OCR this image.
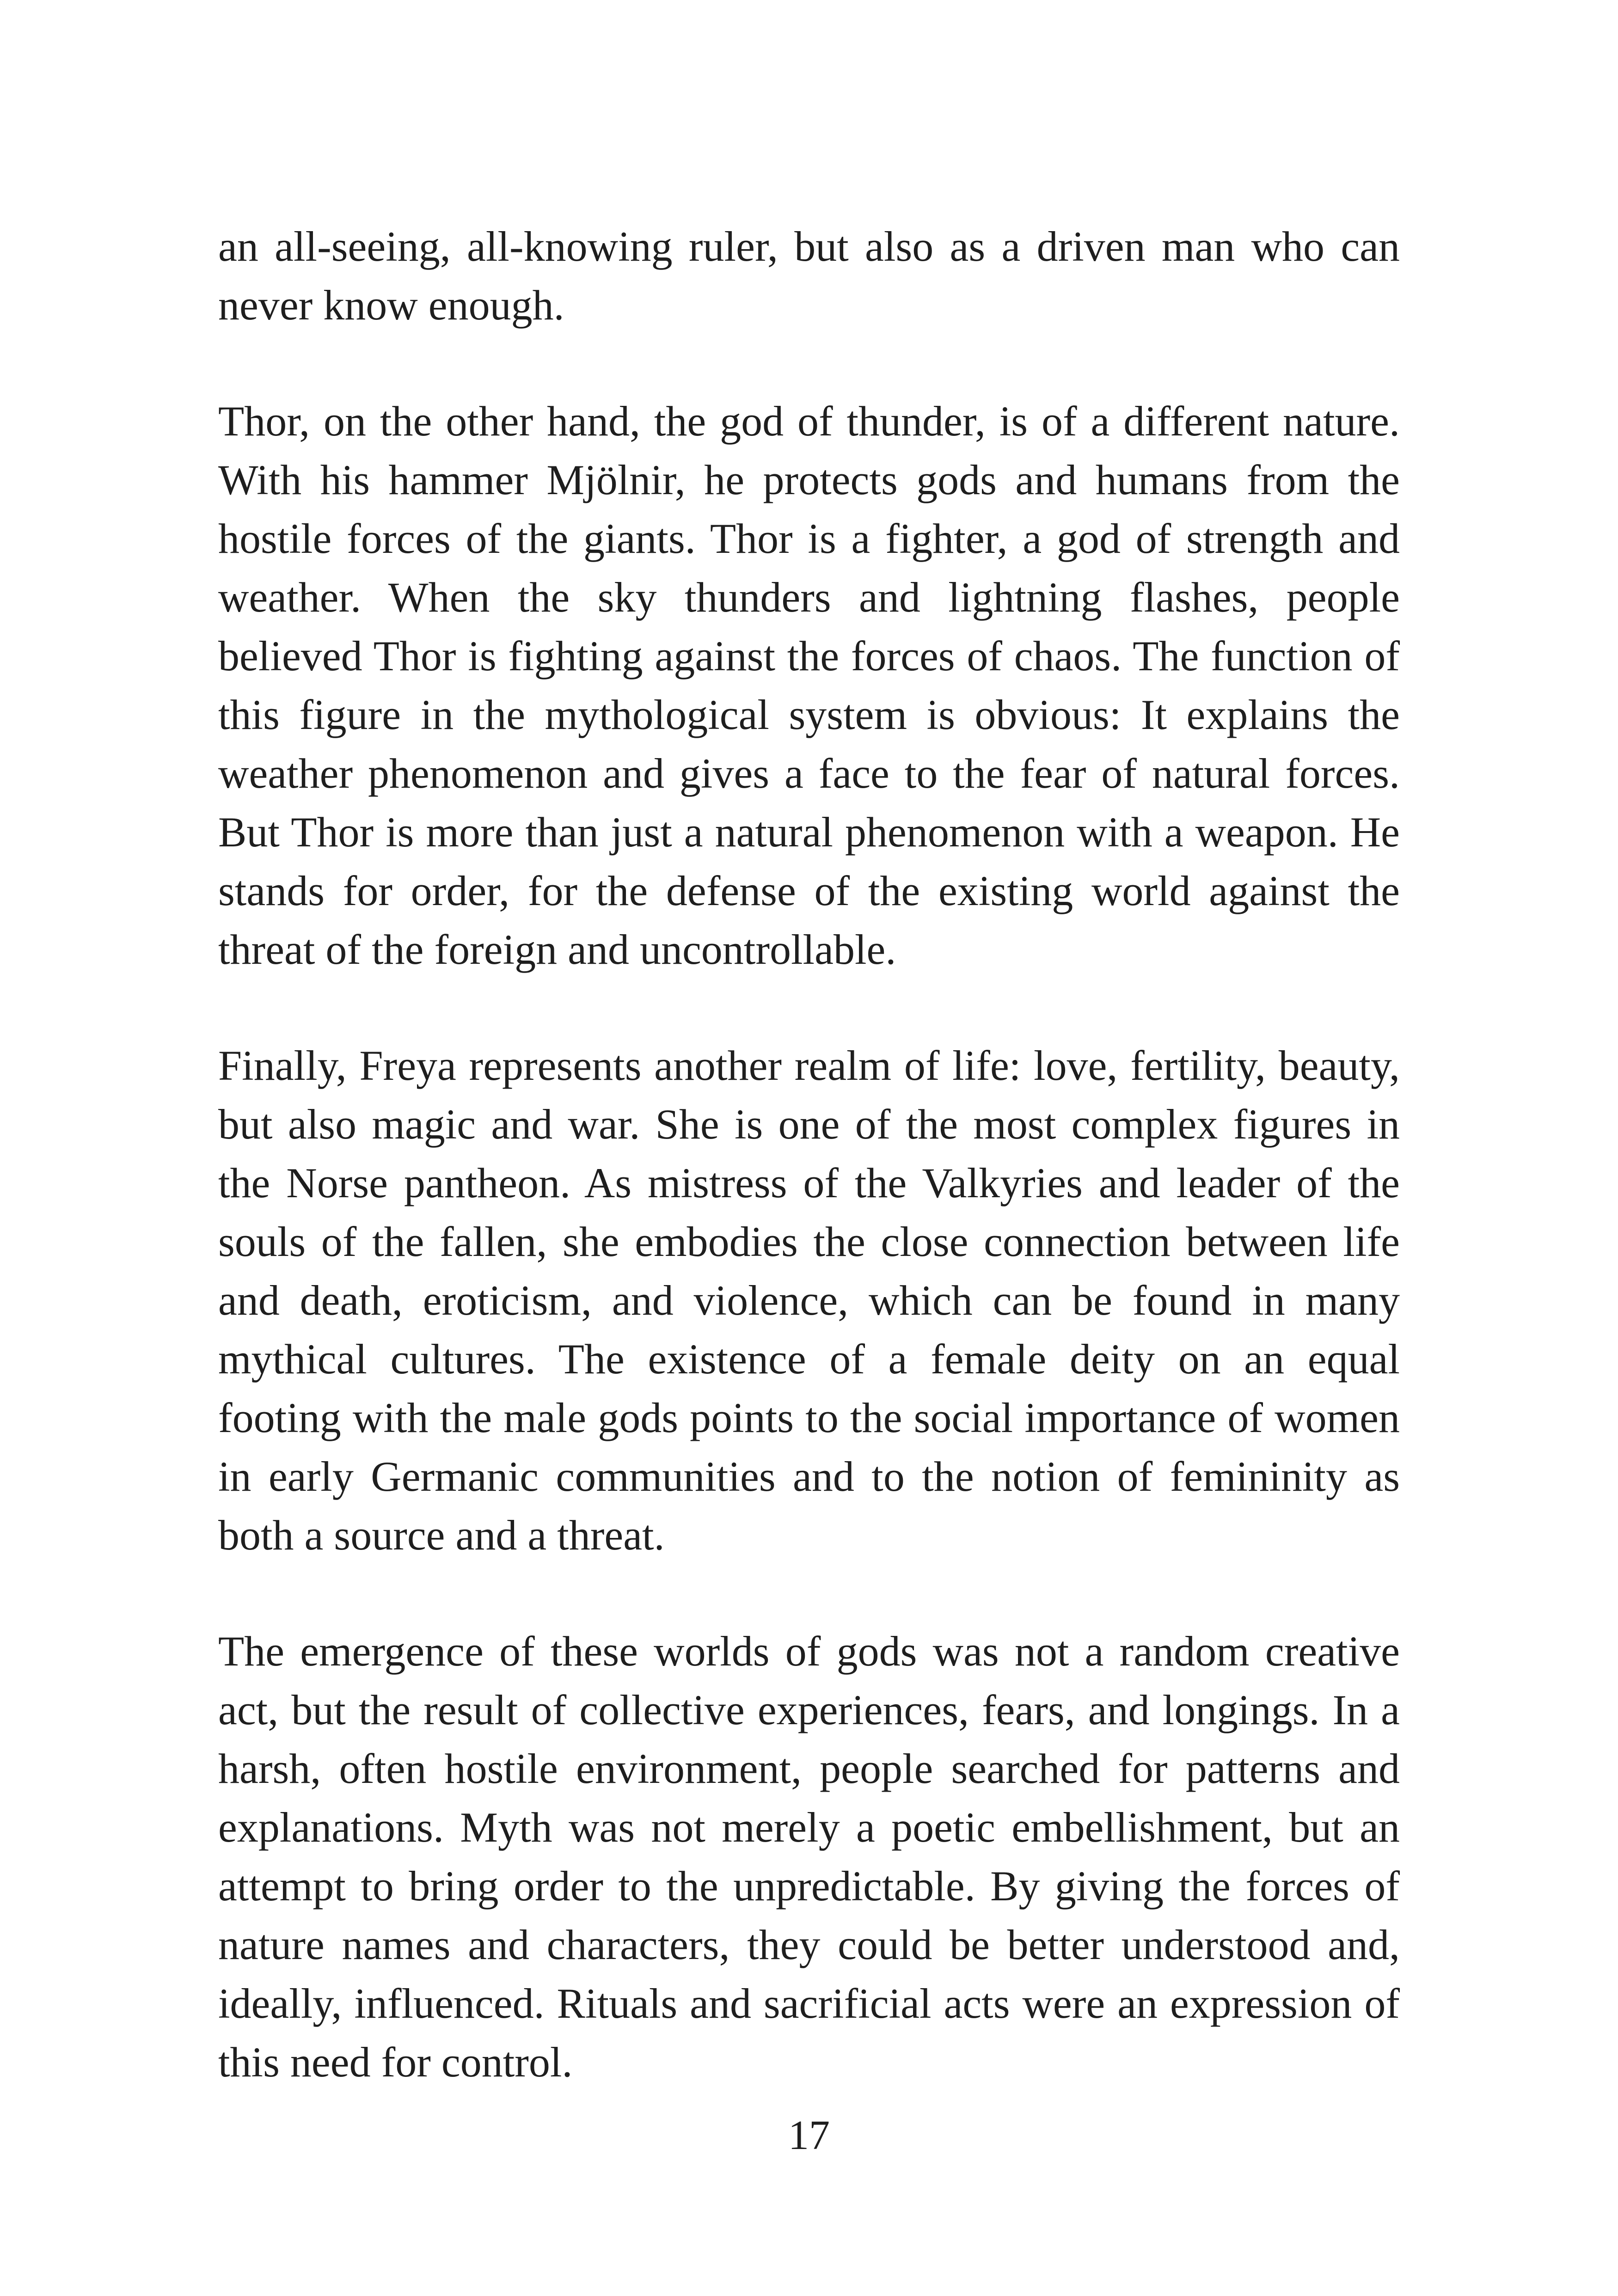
an all-seeing, all-knowing ruler, but also as a driven man who can never know enough.

Thor, on the other hand, the god of thunder, is of a different nature. With his hammer Mjölnir, he protects gods and humans from the hostile forces of the giants. Thor is a fighter, a god of strength and weather. When the sky thunders and lightning flashes, people believed Thor is fighting against the forces of chaos. The function of this figure in the mythological system is obvious: It explains the weather phenomenon and gives a face to the fear of natural forces. But Thor is more than just a natural phenomenon with a weapon. He stands for order, for the defense of the existing world against the threat of the foreign and uncontrollable.

Finally, Freya represents another realm of life: love, fertility, beauty, but also magic and war. She is one of the most complex figures in the Norse pantheon. As mistress of the Valkyries and leader of the souls of the fallen, she embodies the close connection between life and death, eroticism, and violence, which can be found in many mythical cultures. The existence of a female deity on an equal footing with the male gods points to the social importance of women in early Germanic communities and to the notion of femininity as both a source and a threat.

The emergence of these worlds of gods was not a random creative act, but the result of collective experiences, fears, and longings. In a harsh, often hostile environment, people searched for patterns and explanations. Myth was not merely a poetic embellishment, but an attempt to bring order to the unpredictable. By giving the forces of nature names and characters, they could be better understood and, ideally, influenced. Rituals and sacrificial acts were an expression of this need for control.

17
